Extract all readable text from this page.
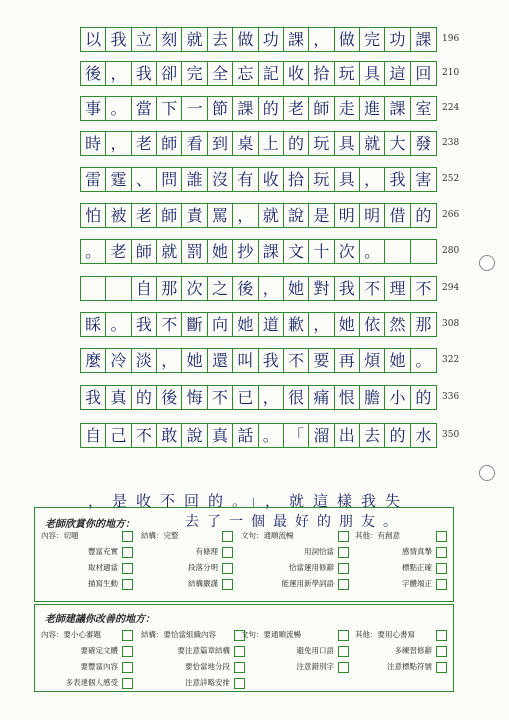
以 我 立 刻 就 去 做 功 課 ， 做 完 功 課	196
後 ， 我 卻 完 全 忘 記 收 拾 玩 具 這 回	210
事 。 當 下 一 節 課 的 老 師 走 進 課 室	224
時 ， 老 師 看 到 桌 上 的 玩 具 就 大 發	238
雷 霆 、 問 誰 沒 有 收 拾 玩 具 ， 我 害	252
怕 被 老 師 責 罵 ， 就 說 是 明 明 借 的	266
。 老 師 就 罰 她 抄 課 文 十 次 。	280
自 那 次 之 後 ， 她 對 我 不 理 不	294
睬 。 我 不 斷 向 她 道 歉 ， 她 依 然 那	308
麼 冷 淡 ， 她 還 叫 我 不 要 再 煩 她 。	322
我 真 的 後 悔 不 已 ， 很 痛 恨 膽 小 的	336
自 己 不 敢 說 真 話 。 「 溜 出 去 的 水	350
，是收不回的。」，就這樣我失
老師欣賞你的地方：	去了一個最好的朋友。
內容：切題
豐富充實
取材適當
描寫生動
結構：完整
有條理
段落分明
結構嚴謹
文句：通順流暢
用詞恰當
恰當運用修辭
能運用新學詞語
其他：有創意
感情真摯
標點正確
字體端正
老師建議你改善的地方：
內容：要小心審題
要確定文體
要豐富內容
多表達個人感受
結構：要恰當組織內容
要注意篇章結構
要恰當地分段
注意詳略安排
文句：要通順流暢
避免用口語
注意錯別字
其他：要用心書寫
多練習修辭
注意標點符號
